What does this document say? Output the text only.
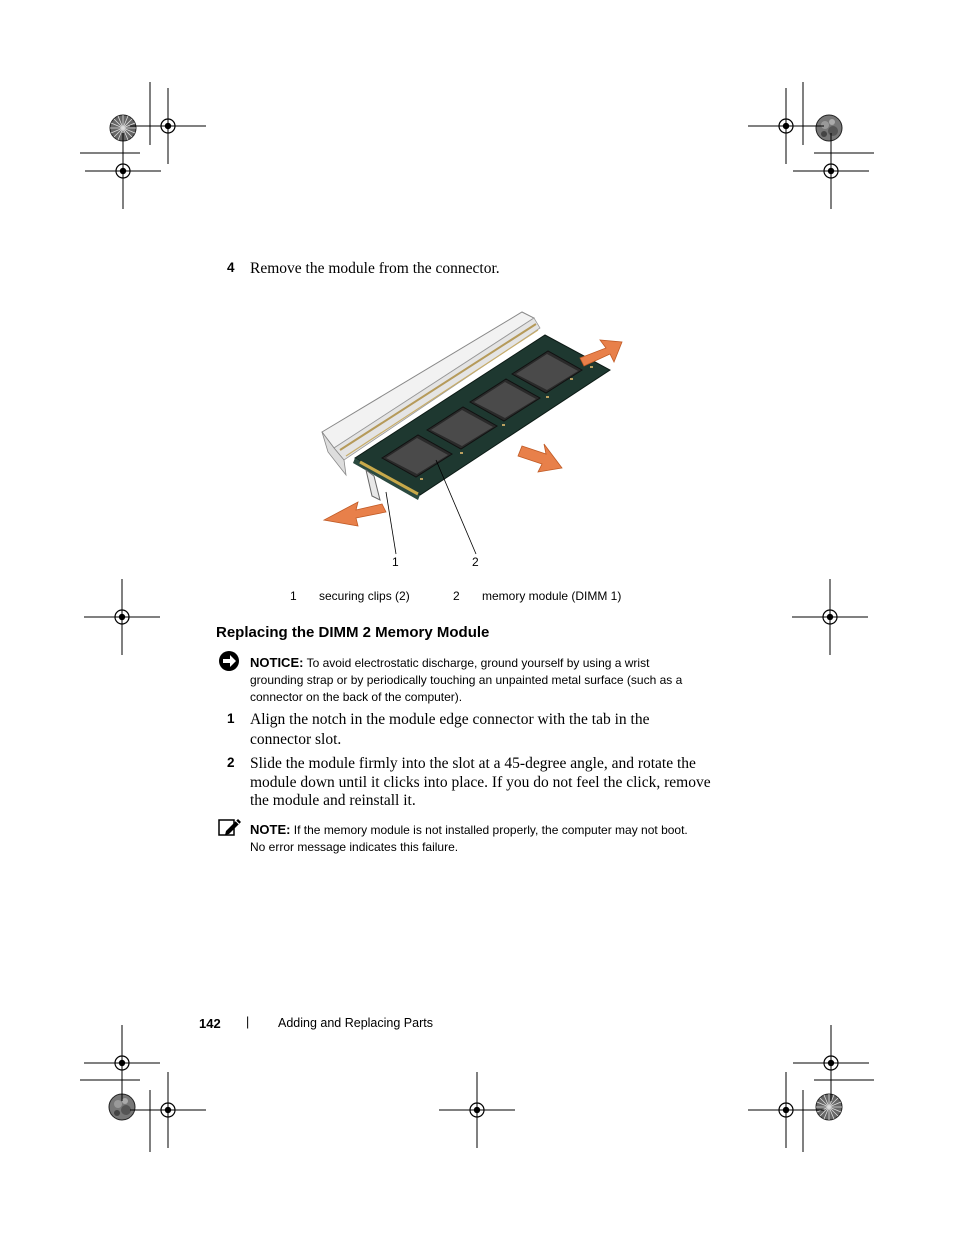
4 Remove the module from the connector.
1	2
1 securing clips (2)	2 memory module (DIMM 1)
Replacing the DIMM 2 Memory Module
NOTICE: To avoid electrostatic discharge, ground yourself by using a wrist
grounding strap or by periodically touching an unpainted metal surface (such as a
connector on the back of the computer).
1 Align the notch in the module edge connector with the tab in the
connector slot.
2 Slide the module firmly into the slot at a 45-degree angle, and rotate the
module down until it clicks into place. If you do not feel the click, remove
the module and reinstall it.
NOTE: If the memory module is not installed properly, the computer may not boot.
No error message indicates this failure.
142 | Adding and Replacing Parts
